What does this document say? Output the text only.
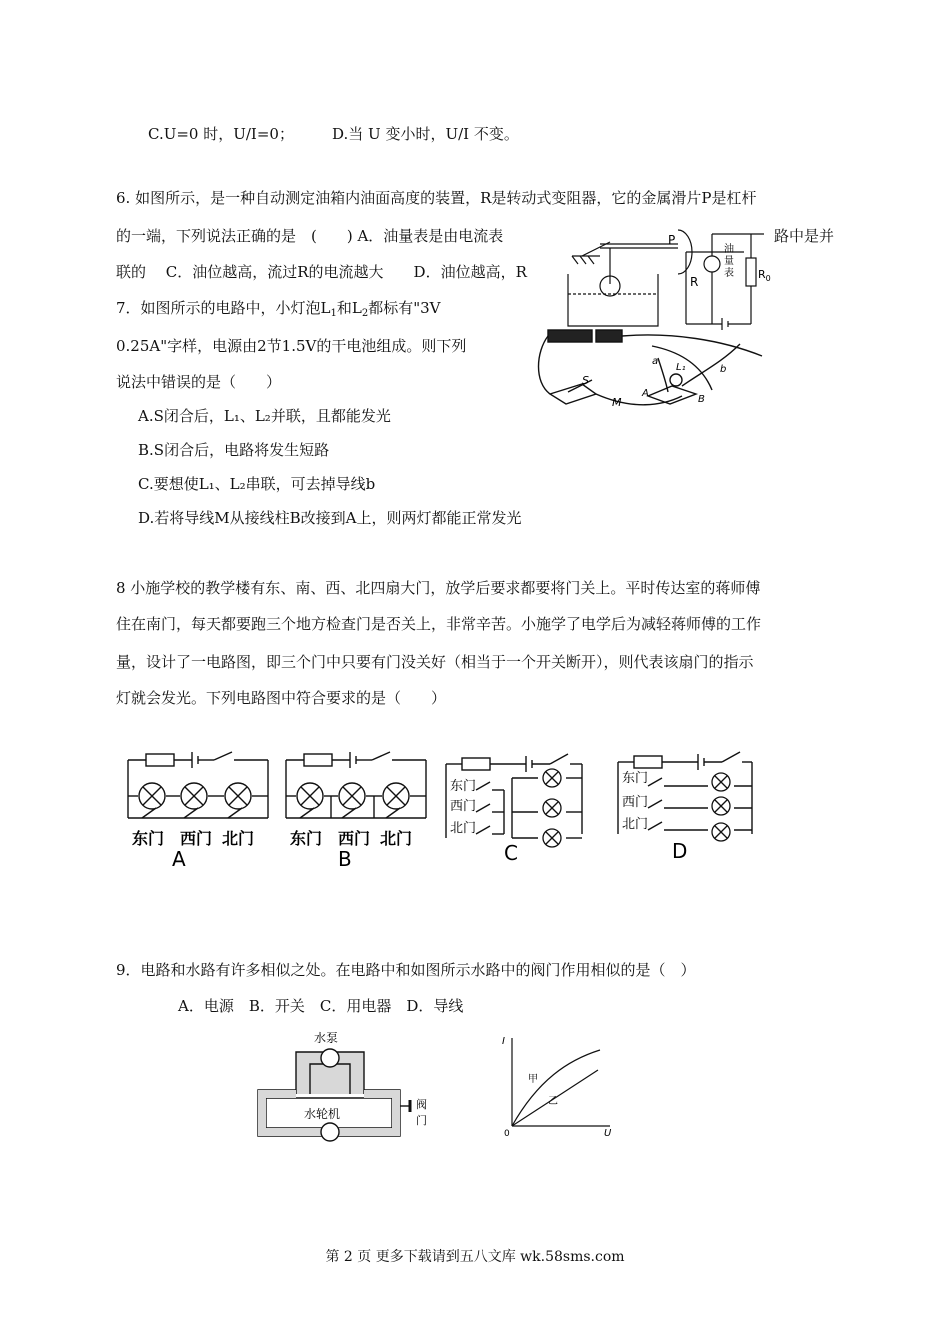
C.U=0 时，U/I=0；	D.当 U 变小时，U/I 不变。
6. 如图所示，是一种自动测定油箱内油面高度的装置，R是转动式变阻器，它的金属滑片P是杠杆
的一端，下列说法正确的是　(　　) A．油量表是由电流表	路中是并
联的　 C．油位越高，流过R的电流越大　　D．油位越高，R
P
R
油
量
表 $R_0$
7．如图所示的电路中，小灯泡$L_1$和$L_2$都标有"3V
0.25A"字样，电源由2节1.5V的干电池组成。则下列
说法中错误的是（　　）
A.S闭合后，L₁、L₂并联，且都能发光
B.S闭合后，电路将发生短路
C.要想使L₁、L₂串联，可去掉导线b
D.若将导线M从接线柱B改接到A上，则两灯都能正常发光
S
M
a
b
L₁
A
B
8 小施学校的教学楼有东、南、西、北四扇大门，放学后要求都要将门关上。平时传达室的蒋师傅
住在南门，每天都要跑三个地方检查门是否关上，非常辛苦。小施学了电学后为减轻蒋师傅的工作
量，设计了一电路图，即三个门中只要有门没关好（相当于一个开关断开），则代表该扇门的指示
灯就会发光。下列电路图中符合要求的是（　　）
东门 西门 北门
A
东门 西门 北门
B
东门
西门
北门
C
东门
西门
北门
D
9．电路和水路有许多相似之处。在电路中和如图所示水路中的阀门作用相似的是（　）
A．电源　B．开关　C．用电器　D．导线
水泵
水轮机
阀
门
I
U
0
甲
乙
第 2 页 更多下载请到五八文库 wk.58sms.com
